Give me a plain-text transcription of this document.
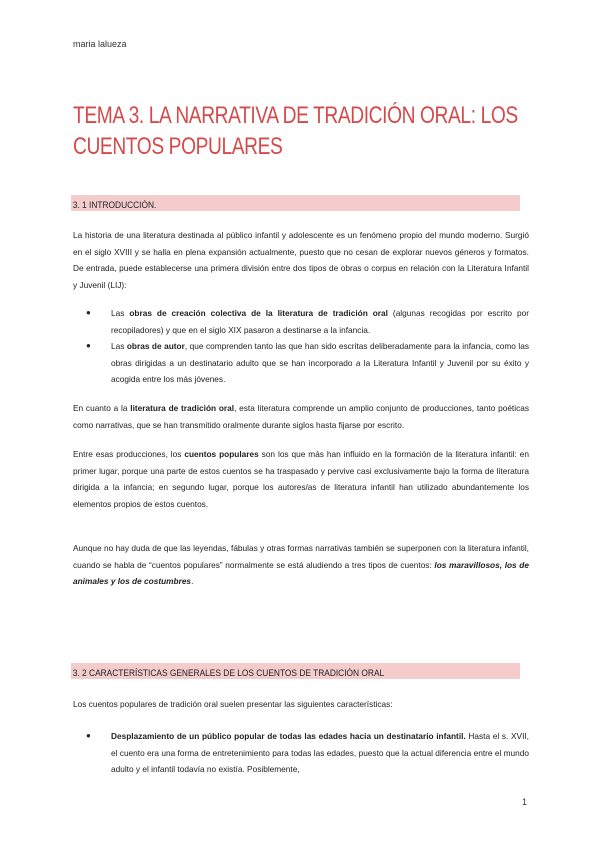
maria lalueza
TEMA 3. LA NARRATIVA DE TRADICIÓN ORAL: LOS CUENTOS POPULARES
3. 1 INTRODUCCIÓN.

La historia de una literatura destinada al público infantil y adolescente es un fenómeno propio del mundo moderno. Surgió en el siglo XVIII y se halla en plena expansión actualmente, puesto que no cesan de explorar nuevos géneros y formatos. De entrada, puede establecerse una primera división entre dos tipos de obras o corpus en relación con la Literatura Infantil y Juvenil (LIJ):

● Las obras de creación colectiva de la literatura de tradición oral (algunas recogidas por escrito por recopiladores) y que en el siglo XIX pasaron a destinarse a la infancia.
● Las obras de autor, que comprenden tanto las que han sido escritas deliberadamente para la infancia, como las obras dirigidas a un destinatario adulto que se han incorporado a la Literatura Infantil y Juvenil por su éxito y acogida entre los más jóvenes.

En cuanto a la literatura de tradición oral, esta literatura comprende un amplio conjunto de producciones, tanto poéticas como narrativas, que se han transmitido oralmente durante siglos hasta fijarse por escrito.

Entre esas producciones, los cuentos populares son los que más han influido en la formación de la literatura infantil: en primer lugar, porque una parte de estos cuentos se ha traspasado y pervive casi exclusivamente bajo la forma de literatura dirigida a la infancia; en segundo lugar, porque los autores/as de literatura infantil han utilizado abundantemente los elementos propios de estos cuentos.

Aunque no hay duda de que las leyendas, fábulas y otras formas narrativas también se superponen con la literatura infantil, cuando se habla de “cuentos populares” normalmente se está aludiendo a tres tipos de cuentos: los maravillosos, los de animales y los de costumbres.

3. 2 CARACTERÍSTICAS GENERALES DE LOS CUENTOS DE TRADICIÓN ORAL

Los cuentos populares de tradición oral suelen presentar las siguientes características:

● Desplazamiento de un público popular de todas las edades hacia un destinatario infantil. Hasta el s. XVII, el cuento era una forma de entretenimiento para todas las edades, puesto que la actual diferencia entre el mundo adulto y el infantil todavía no existía. Posiblemente,
1
